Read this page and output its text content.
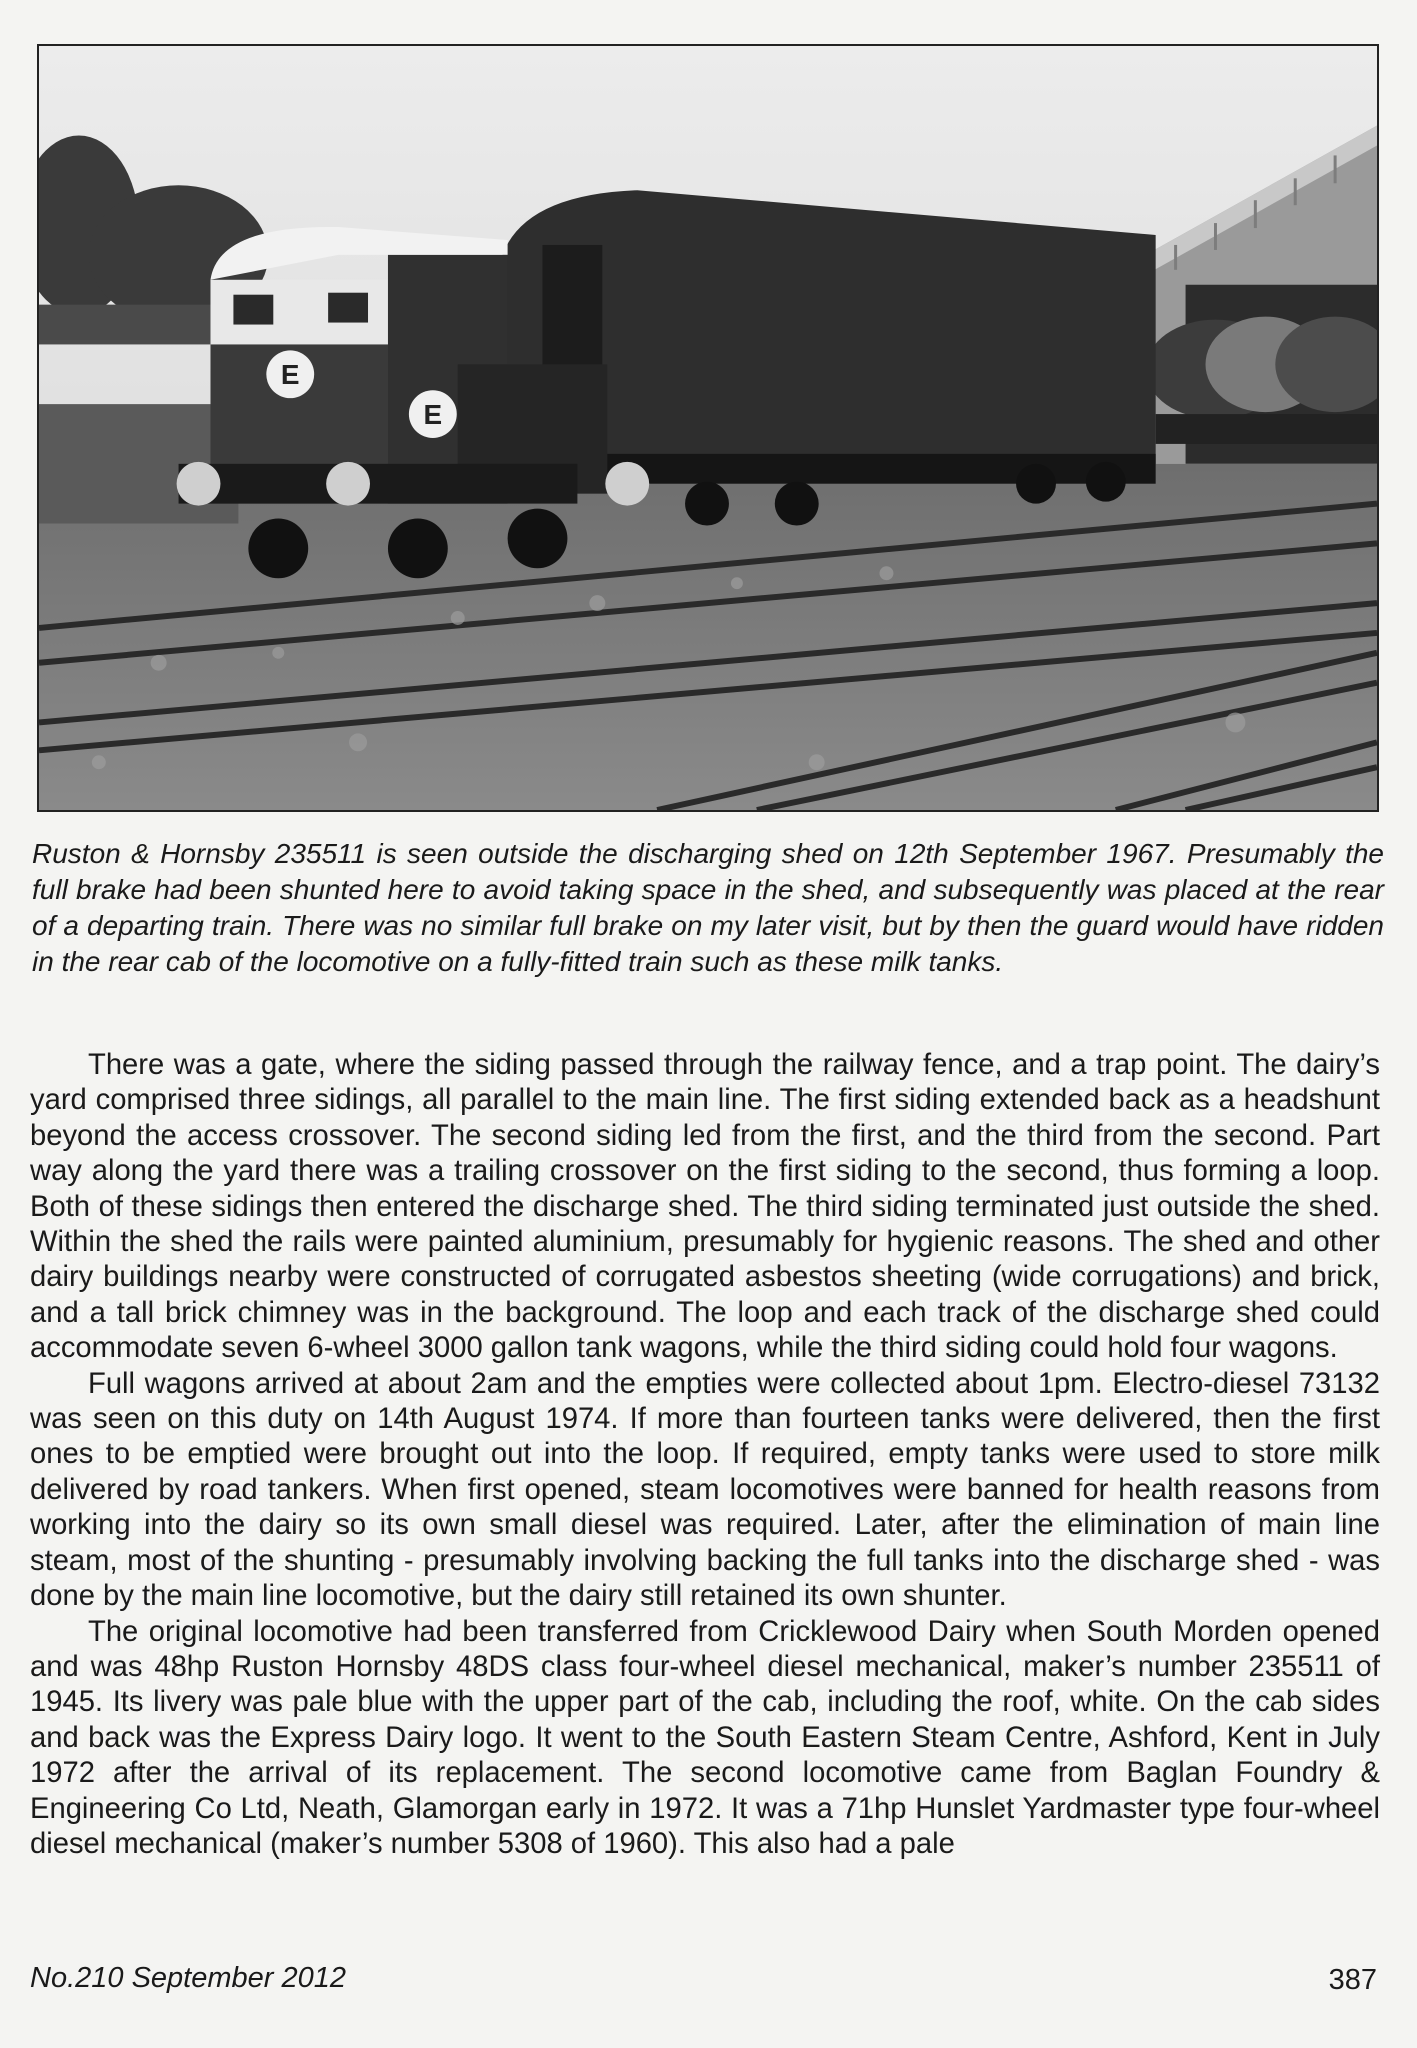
E
E

Ruston & Hornsby 235511 is seen outside the discharging shed on 12th September 1967. Presumably the full brake had been shunted here to avoid taking space in the shed, and subsequently was placed at the rear of a departing train. There was no similar full brake on my later visit, but by then the guard would have ridden in the rear cab of the locomotive on a fully-fitted train such as these milk tanks.

There was a gate, where the siding passed through the railway fence, and a trap point. The dairy’s yard comprised three sidings, all parallel to the main line. The first siding extended back as a headshunt beyond the access crossover. The second siding led from the first, and the third from the second. Part way along the yard there was a trailing crossover on the first siding to the second, thus forming a loop. Both of these sidings then entered the discharge shed. The third siding terminated just outside the shed. Within the shed the rails were painted aluminium, presumably for hygienic reasons. The shed and other dairy buildings nearby were constructed of corrugated asbestos sheeting (wide corrugations) and brick, and a tall brick chimney was in the background. The loop and each track of the discharge shed could accommodate seven 6-wheel 3000 gallon tank wagons, while the third siding could hold four wagons.

Full wagons arrived at about 2am and the empties were collected about 1pm. Electro-diesel 73132 was seen on this duty on 14th August 1974. If more than fourteen tanks were delivered, then the first ones to be emptied were brought out into the loop. If required, empty tanks were used to store milk delivered by road tankers. When first opened, steam locomotives were banned for health reasons from working into the dairy so its own small diesel was required. Later, after the elimination of main line steam, most of the shunting - presumably involving backing the full tanks into the discharge shed - was done by the main line locomotive, but the dairy still retained its own shunter.

The original locomotive had been transferred from Cricklewood Dairy when South Morden opened and was 48hp Ruston Hornsby 48DS class four-wheel diesel mechanical, maker’s number 235511 of 1945. Its livery was pale blue with the upper part of the cab, including the roof, white. On the cab sides and back was the Express Dairy logo. It went to the South Eastern Steam Centre, Ashford, Kent in July 1972 after the arrival of its replacement. The second locomotive came from Baglan Foundry & Engineering Co Ltd, Neath, Glamorgan early in 1972. It was a 71hp Hunslet Yardmaster type four-wheel diesel mechanical (maker’s number 5308 of 1960). This also had a pale

No.210 September 2012	387
